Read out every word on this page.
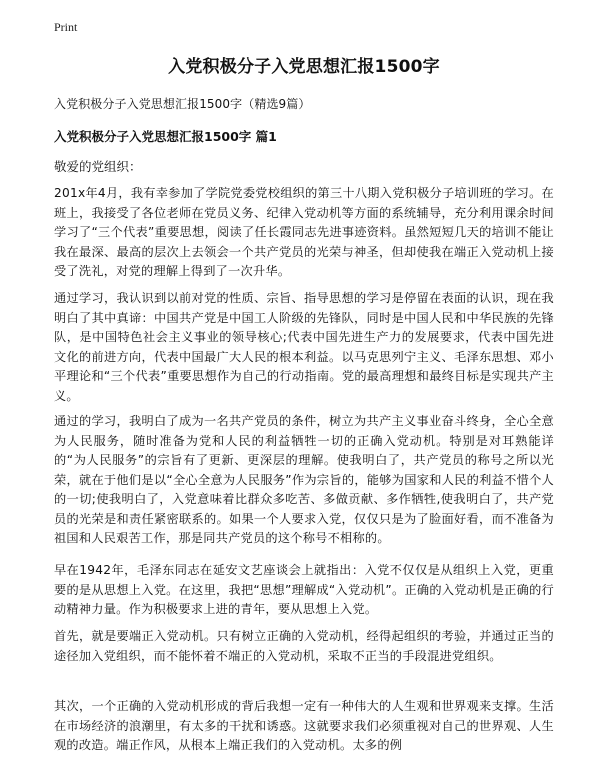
Print
入党积极分子入党思想汇报1500字

入党积极分子入党思想汇报1500字（精选9篇）

入党积极分子入党思想汇报1500字 篇1

敬爱的党组织：

201x年4月，我有幸参加了学院党委党校组织的第三十八期入党积极分子培训班的学习。在班上，我接受了各位老师在党员义务、纪律入党动机等方面的系统辅导，充分利用课余时间学习了“三个代表”重要思想，阅读了任长霞同志先进事迹资料。虽然短短几天的培训不能让我在最深、最高的层次上去领会一个共产党员的光荣与神圣，但却使我在端正入党动机上接受了洗礼，对党的理解上得到了一次升华。

通过学习，我认识到以前对党的性质、宗旨、指导思想的学习是停留在表面的认识，现在我明白了其中真谛：中国共产党是中国工人阶级的先锋队，同时是中国人民和中华民族的先锋队，是中国特色社会主义事业的领导核心;代表中国先进生产力的发展要求，代表中国先进文化的前进方向，代表中国最广大人民的根本利益。以马克思列宁主义、毛泽东思想、邓小平理论和“三个代表”重要思想作为自己的行动指南。党的最高理想和最终目标是实现共产主义。

通过的学习，我明白了成为一名共产党员的条件，树立为共产主义事业奋斗终身，全心全意为人民服务，随时准备为党和人民的利益牺牲一切的正确入党动机。特别是对耳熟能详的“为人民服务”的宗旨有了更新、更深层的理解。使我明白了，共产党员的称号之所以光荣，就在于他们是以“全心全意为人民服务”作为宗旨的，能够为国家和人民的利益不惜个人的一切;使我明白了，入党意味着比群众多吃苦、多做贡献、多作牺牲,使我明白了，共产党员的光荣是和责任紧密联系的。如果一个人要求入党，仅仅只是为了脸面好看，而不准备为祖国和人民艰苦工作，那是同共产党员的这个称号不相称的。

早在1942年，毛泽东同志在延安文艺座谈会上就指出：入党不仅仅是从组织上入党，更重要的是从思想上入党。在这里，我把“思想”理解成“入党动机”。正确的入党动机是正确的行动精神力量。作为积极要求上进的青年，要从思想上入党。

首先，就是要端正入党动机。只有树立正确的入党动机，经得起组织的考验，并通过正当的途径加入党组织，而不能怀着不端正的入党动机，采取不正当的手段混进党组织。

其次，一个正确的入党动机形成的背后我想一定有一种伟大的人生观和世界观来支撑。生活在市场经济的浪潮里，有太多的干扰和诱惑。这就要求我们必须重视对自己的世界观、人生观的改造。端正作风，从根本上端正我们的入党动机。太多的例
